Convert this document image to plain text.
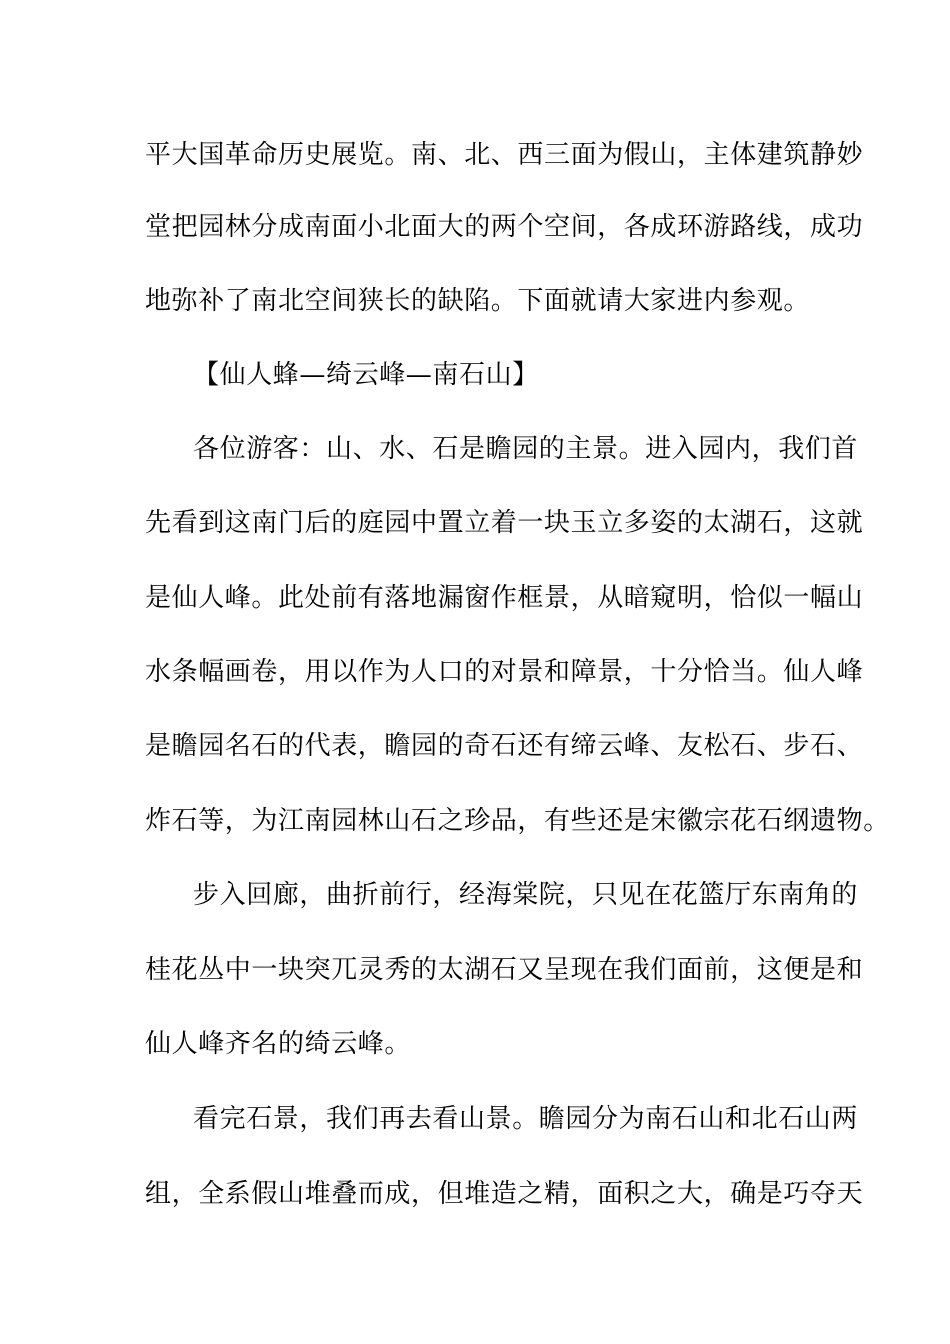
平大国革命历史展览。南、北、西三面为假山，主体建筑静妙
堂把园林分成南面小北面大的两个空间，各成环游路线，成功
地弥补了南北空间狭长的缺陷。下面就请大家进内参观。
【仙人蜂—绮云峰—南石山】
各位游客：山、水、石是瞻园的主景。进入园内，我们首
先看到这南门后的庭园中置立着一块玉立多姿的太湖石，这就
是仙人峰。此处前有落地漏窗作框景，从暗窥明，恰似一幅山
水条幅画卷，用以作为人口的对景和障景，十分恰当。仙人峰
是瞻园名石的代表，瞻园的奇石还有缔云峰、友松石、步石、
炸石等，为江南园林山石之珍品，有些还是宋徽宗花石纲遗物。
步入回廊，曲折前行，经海棠院，只见在花篮厅东南角的
桂花丛中一块突兀灵秀的太湖石又呈现在我们面前，这便是和
仙人峰齐名的绮云峰。
看完石景，我们再去看山景。瞻园分为南石山和北石山两
组，全系假山堆叠而成，但堆造之精，面积之大，确是巧夺天
